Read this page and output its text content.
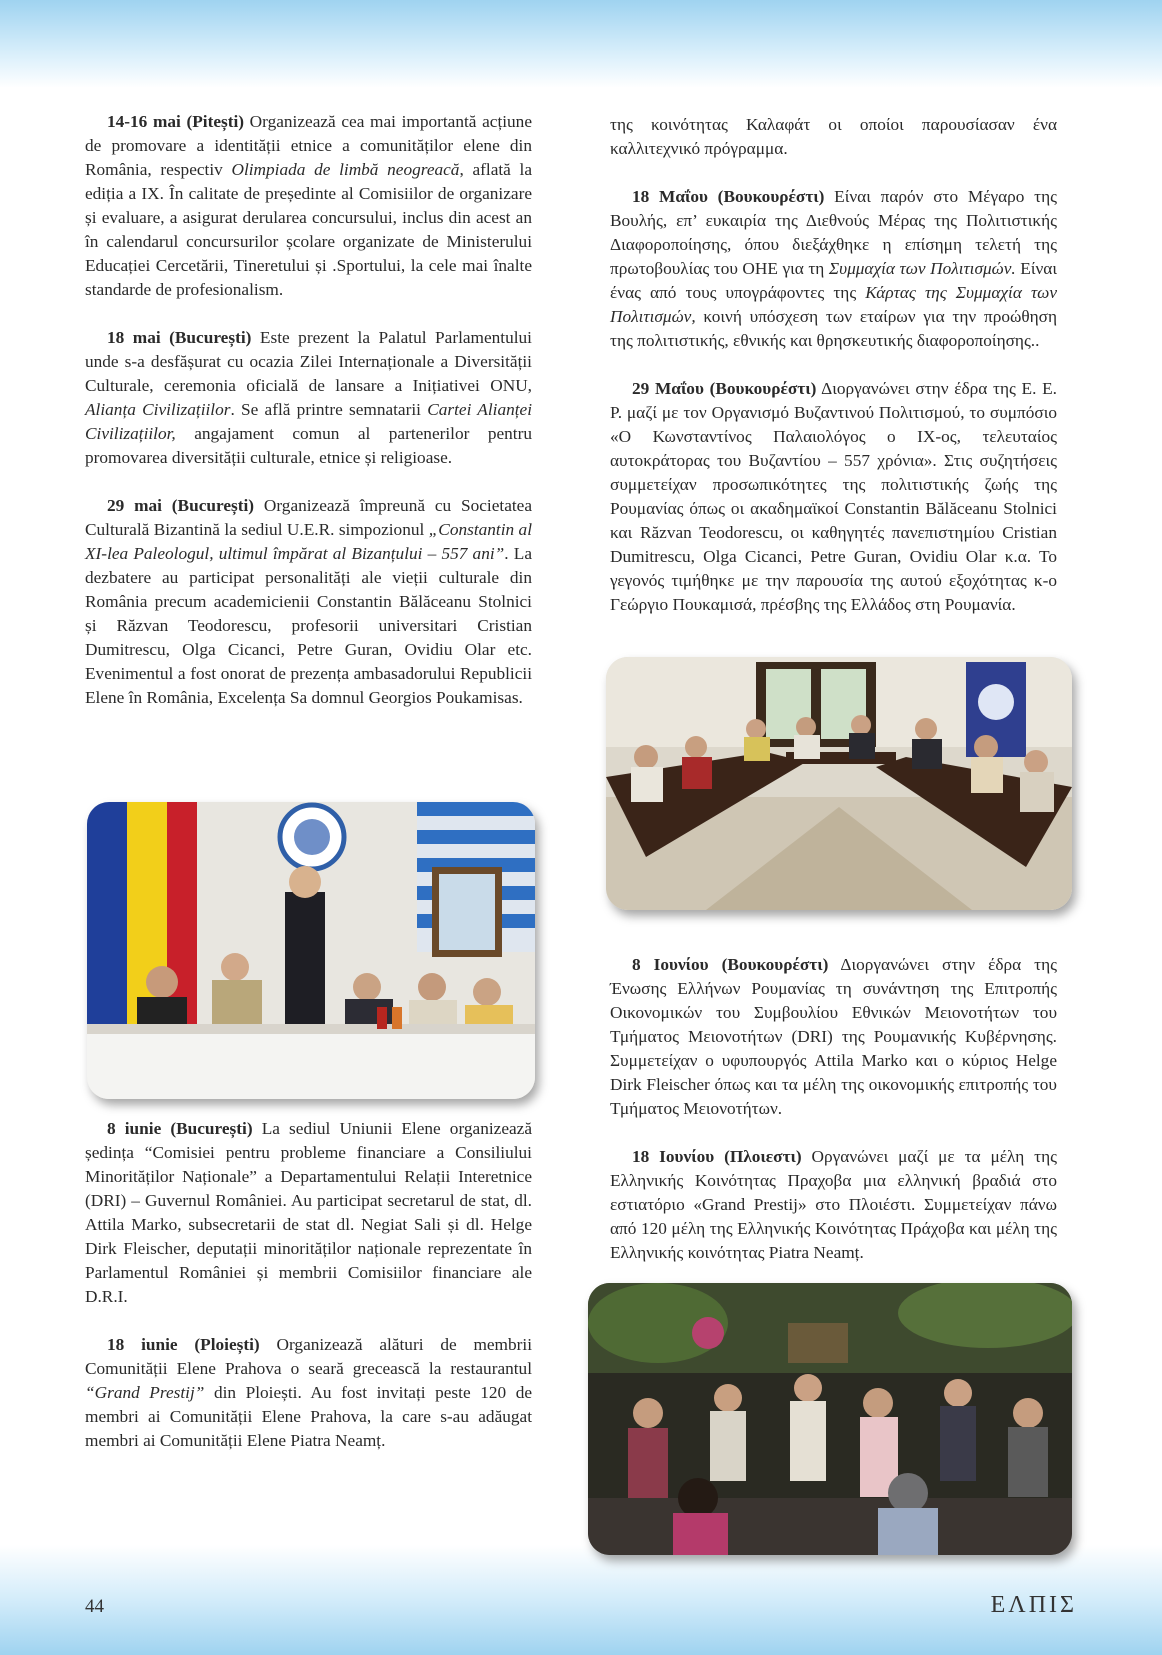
14-16 mai (Pitești) Organizează cea mai importantă acțiune de promovare a identității etnice a comunităților elene din România, respectiv Olimpiada de limbă neogreacă, aflată la ediția a IX. În calitate de președinte al Comisiilor de organizare și evaluare, a asigurat derularea concursului, inclus din acest an în calendarul concursurilor școlare organizate de Ministerului Educației Cercetării, Tineretului și .Sportului, la cele mai înalte standarde de profesionalism.

18 mai (București) Este prezent la Palatul Parlamentului unde s-a desfășurat cu ocazia Zilei Internaționale a Diversității Culturale, ceremonia oficială de lansare a Inițiativei ONU, Alianța Civilizațiilor. Se află printre semnatarii Cartei Alianței Civilizațiilor, angajament comun al partenerilor pentru promovarea diversității culturale, etnice și religioase.

29 mai (București) Organizează împreună cu Societatea Culturală Bizantină la sediul U.E.R. simpozionul „Constantin al XI-lea Paleologul, ultimul împărat al Bizanțului – 557 ani”. La dezbatere au participat personalități ale vieții culturale din România precum academicienii Constantin Bălăceanu Stolnici și Răzvan Teodorescu, profesorii universitari Cristian Dumitrescu, Olga Cicanci, Petre Guran, Ovidiu Olar etc. Evenimentul a fost onorat de prezența ambasadorului Republicii Elene în România, Excelența Sa domnul Georgios Poukamisas.

8 iunie (București) La sediul Uniunii Elene organizează ședința “Comisiei pentru probleme financiare a Consiliului Minorităților Naționale” a Departamentului Relații Interetnice (DRI) – Guvernul României. Au participat secretarul de stat, dl. Attila Marko, subsecretarii de stat dl. Negiat Sali și dl. Helge Dirk Fleischer, deputații minorităților naționale reprezentate în Parlamentul României și membrii Comisiilor financiare ale D.R.I.

18 iunie (Ploiești) Organizează alături de membrii Comunității Elene Prahova o seară grecească la restaurantul “Grand Prestij” din Ploiești. Au fost invitați peste 120 de membri ai Comunității Elene Prahova, la care s-au adăugat membri ai Comunității Elene Piatra Neamț.

της κοινότητας Καλαφάτ οι οποίοι παρουσίασαν ένα καλλιτεχνικό πρόγραμμα.

18 Μαΐου (Βουκουρέστι) Είναι παρόν στο Μέγαρο της Βουλής, επ’ ευκαιρία της Διεθνούς Μέρας της Πολιτιστικής Διαφοροποίησης, όπου διεξάχθηκε η επίσημη τελετή της πρωτοβουλίας του ΟΗΕ για τη Συμμαχία των Πολιτισμών. Είναι ένας από τους υπογράφοντες της Κάρτας της Συμμαχία των Πολιτισμών, κοινή υπόσχεση των εταίρων για την προώθηση της πολιτιστικής, εθνικής και θρησκευτικής διαφοροποίησης..

29 Μαΐου (Βουκουρέστι) Διοργανώνει στην έδρα της Ε. Ε. Ρ. μαζί με τον Οργανισμό Βυζαντινού Πολιτισμού, το συμπόσιο «Ο Κωνσταντίνος Παλαιολόγος ο ΙΧ-ος, τελευταίος αυτοκράτορας του Βυζαντίου – 557 χρόνια». Στις συζητήσεις συμμετείχαν προσωπικότητες της πολιτιστικής ζωής της Ρουμανίας όπως οι ακαδημαϊκοί Constantin Bălăceanu Stolnici και Răzvan Teodorescu, οι καθηγητές πανεπιστημίου Cristian Dumitrescu, Olga Cicanci, Petre Guran, Ovidiu Olar κ.α. Το γεγονός τιμήθηκε με την παρουσία της αυτού εξοχότητας κ-ο Γεώργιο Πουκαμισά, πρέσβης της Ελλάδος στη Ρουμανία.

8 Ιουνίου (Βουκουρέστι) Διοργανώνει στην έδρα της Ένωσης Ελλήνων Ρουμανίας τη συνάντηση της Επιτροπής Οικονομικών του Συμβουλίου Εθνικών Μειονοτήτων του Τμήματος Μειονοτήτων (DRI) της Ρουμανικής Κυβέρνησης. Συμμετείχαν ο υφυπουργός Attila Marko και ο κύριος Helge Dirk Fleischer όπως και τα μέλη της οικονομικής επιτροπής του Τμήματος Μειονοτήτων.

18 Ιουνίου (Πλοιεστι) Οργανώνει μαζί με τα μέλη της Ελληνικής Κοινότητας Πραχοβα μια ελληνική βραδιά στο εστιατόριο «Grand Prestij» στο Πλοιέστι. Συμμετείχαν πάνω από 120 μέλη της Ελληνικής Κοινότητας Πράχοβα και μέλη της Ελληνικής κοινότητας Piatra Neamț.

44	ΕΛΠΙΣ
